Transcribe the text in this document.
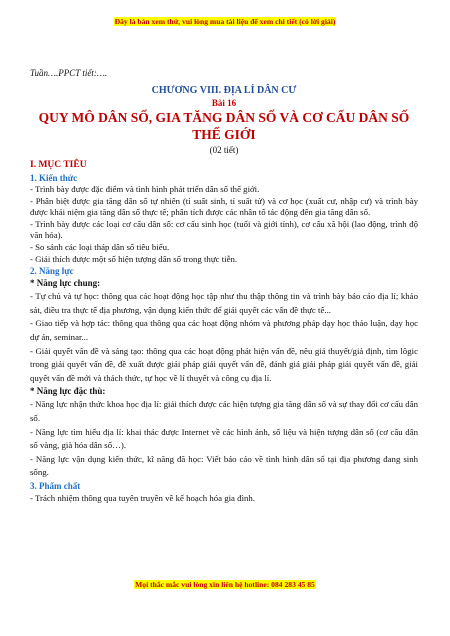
Đây là bản xem thử, vui lòng mua tài liệu để xem chi tiết (có lời giải)

Tuần….PPCT tiết:….

CHƯƠNG VIII. ĐỊA LÍ DÂN CƯ

Bài 16

QUY MÔ DÂN SỐ, GIA TĂNG DÂN SỐ VÀ CƠ CẤU DÂN SỐ THẾ GIỚI

(02 tiết)

I. MỤC TIÊU

1. Kiến thức

- Trình bày được đặc điểm và tình hình phát triển dân số thế giới.

- Phân biệt được gia tăng dân số tự nhiên (tỉ suất sinh, tỉ suất tử) và cơ học (xuất cư, nhập cư) và trình bày được khái niệm gia tăng dân số thực tế; phân tích được các nhân tố tác động đến gia tăng dân số.

- Trình bày được các loại cơ cấu dân số: cơ cấu sinh học (tuổi và giới tính), cơ cấu xã hội (lao động, trình độ văn hóa).

- So sánh các loại tháp dân số tiêu biểu.

- Giải thích được một số hiện tượng dân số trong thực tiễn.

2. Năng lực

* Năng lực chung:

- Tự chủ và tự học: thông qua các hoạt động học tập như thu thập thông tin và trình bày báo cáo địa lí; khảo sát, điều tra thực tế địa phương, vận dụng kiến thức để giải quyết các vấn đề thực tế...

- Giao tiếp và hợp tác: thông qua thông qua các hoạt động nhóm và phương pháp dạy học thảo luận, dạy học dự án, seminar...

- Giải quyết vấn đề và sáng tạo: thông qua các hoạt động phát hiện vấn đề, nêu giả thuyết/giả định, tìm lôgic trong giải quyết vấn đề, đề xuất được giải pháp giải quyết vấn đề, đánh giá giải pháp giải quyết vấn đề, giải quyết vấn đề mới và thách thức, tự học về lí thuyết và công cụ địa lí.

* Năng lực đặc thù:

- Năng lực nhận thức khoa học địa lí: giải thích được các hiện tượng gia tăng dân số và sự thay đổi cơ cấu dân số.

- Năng lực tìm hiểu địa lí: khai thác được Internet về các hình ảnh, số liệu và hiện tượng dân số (cơ cấu dân số vàng, già hóa dân số…).

- Năng lực vận dụng kiến thức, kĩ năng đã học: Viết báo cáo về tình hình dân số tại địa phương đang sinh sống.

3. Phẩm chất

- Trách nhiệm thông qua tuyên truyền về kế hoạch hóa gia đình.

Mọi thắc mắc vui lòng xin liên hệ hotline: 084 283 45 85
